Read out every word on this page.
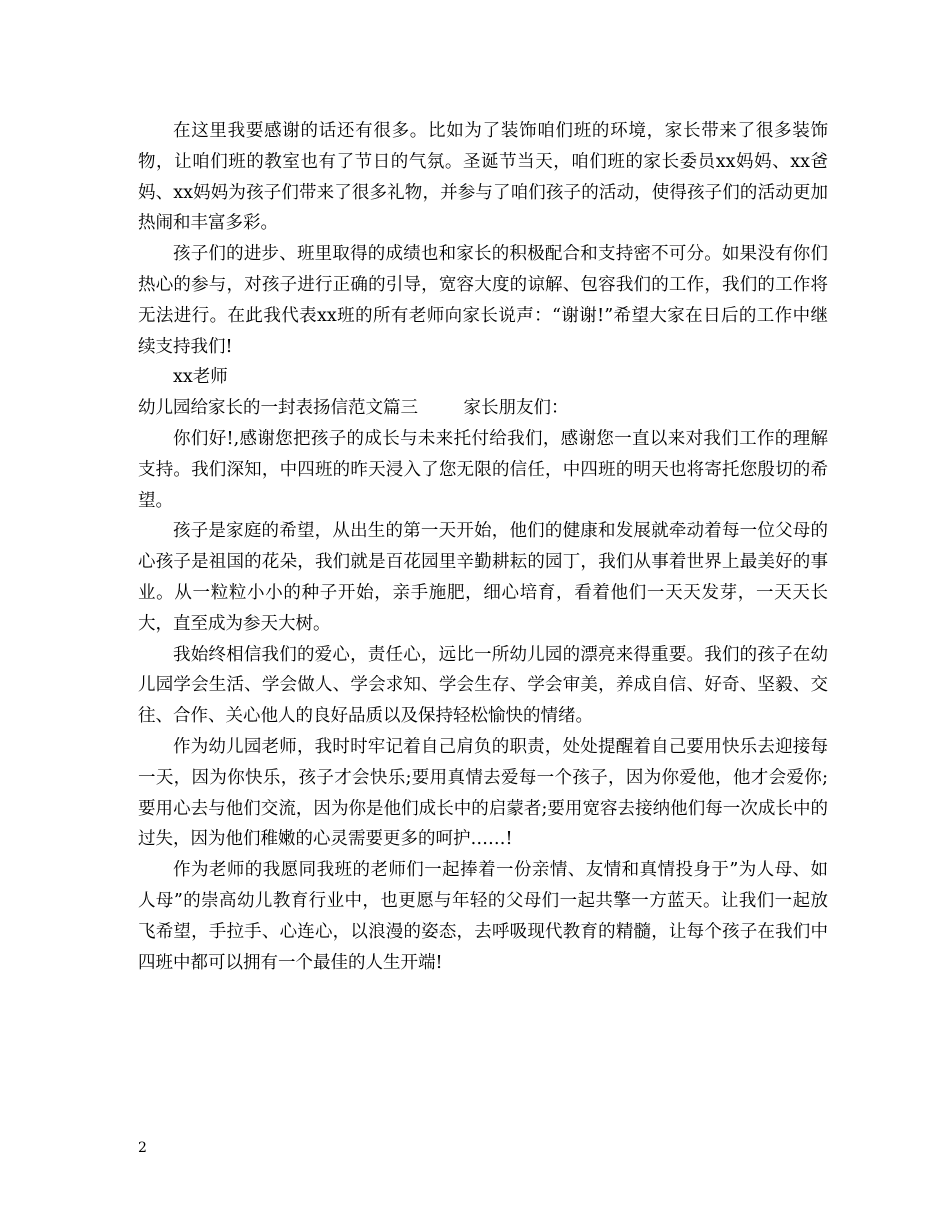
在这里我要感谢的话还有很多。比如为了装饰咱们班的环境，家长带来了很多装饰物，让咱们班的教室也有了节日的气氛。圣诞节当天，咱们班的家长委员xx妈妈、xx爸妈、xx妈妈为孩子们带来了很多礼物，并参与了咱们孩子的活动，使得孩子们的活动更加热闹和丰富多彩。

孩子们的进步、班里取得的成绩也和家长的积极配合和支持密不可分。如果没有你们热心的参与，对孩子进行正确的引导，宽容大度的谅解、包容我们的工作，我们的工作将无法进行。在此我代表xx班的所有老师向家长说声：“谢谢!”希望大家在日后的工作中继续支持我们!

xx老师

幼儿园给家长的一封表扬信范文篇三	家长朋友们：

你们好!,感谢您把孩子的成长与未来托付给我们，感谢您一直以来对我们工作的理解支持。我们深知，中四班的昨天浸入了您无限的信任，中四班的明天也将寄托您殷切的希望。

孩子是家庭的希望，从出生的第一天开始，他们的健康和发展就牵动着每一位父母的心孩子是祖国的花朵，我们就是百花园里辛勤耕耘的园丁，我们从事着世界上最美好的事业。从一粒粒小小的种子开始，亲手施肥，细心培育，看着他们一天天发芽，一天天长大，直至成为参天大树。

我始终相信我们的爱心，责任心，远比一所幼儿园的漂亮来得重要。我们的孩子在幼儿园学会生活、学会做人、学会求知、学会生存、学会审美，养成自信、好奇、坚毅、交往、合作、关心他人的良好品质以及保持轻松愉快的情绪。

作为幼儿园老师，我时时牢记着自己肩负的职责，处处提醒着自己要用快乐去迎接每一天，因为你快乐，孩子才会快乐;要用真情去爱每一个孩子，因为你爱他，他才会爱你;要用心去与他们交流，因为你是他们成长中的启蒙者;要用宽容去接纳他们每一次成长中的过失，因为他们稚嫩的心灵需要更多的呵护……!

作为老师的我愿同我班的老师们一起捧着一份亲情、友情和真情投身于”为人母、如人母”的崇高幼儿教育行业中，也更愿与年轻的父母们一起共擎一方蓝天。让我们一起放飞希望，手拉手、心连心，以浪漫的姿态，去呼吸现代教育的精髓，让每个孩子在我们中四班中都可以拥有一个最佳的人生开端!

2
